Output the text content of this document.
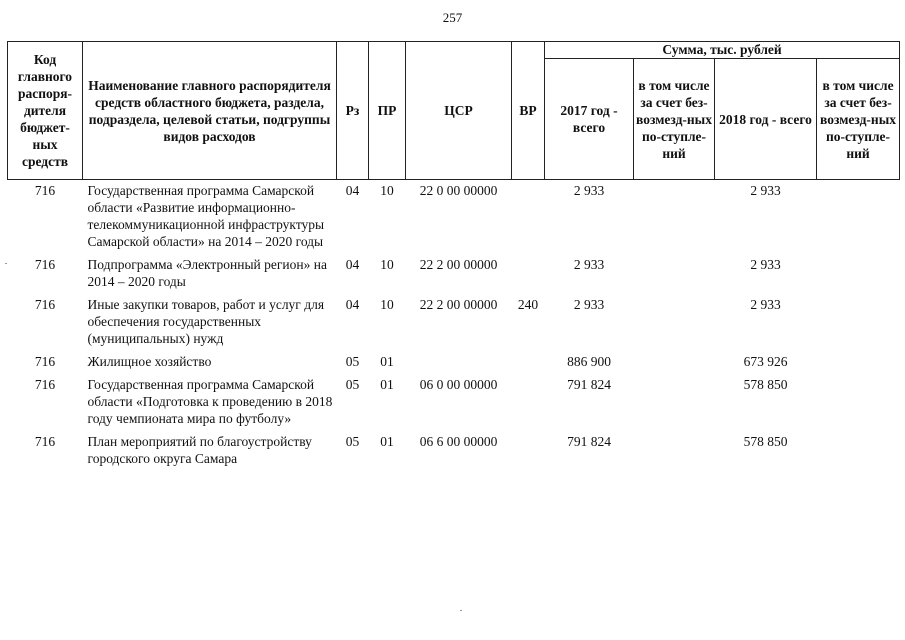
257
Код главного распоря-дителя бюджет-ных средств	Наименование главного распорядителя средств областного бюджета, раздела, подраздела, целевой статьи, подгруппы видов расходов	Рз	ПР	ЦСР	ВР	Сумма, тыс. рублей			
						2017 год - всего	в том числе за счет без-возмезд-ных по-ступле-ний	2018 год - всего	в том числе за счет без-возмезд-ных по-ступле-ний
716	Государственная программа Самарской области «Развитие информационно-телекоммуникационной инфраструктуры Самарской области» на 2014 – 2020 годы	04	10	22 0 00 00000		2 933		2 933	
716	Подпрограмма «Электронный регион» на 2014 – 2020 годы	04	10	22 2 00 00000		2 933		2 933	
716	Иные закупки товаров, работ и услуг для обеспечения государственных (муниципальных) нужд	04	10	22 2 00 00000	240	2 933		2 933	
716	Жилищное хозяйство	05	01			886 900		673 926	
716	Государственная программа Самарской области «Подготовка к проведению в 2018 году чемпионата мира по футболу»	05	01	06 0 00 00000		791 824		578 850	
716	План мероприятий по благоустройству городского округа Самара	05	01	06 6 00 00000		791 824		578 850	
